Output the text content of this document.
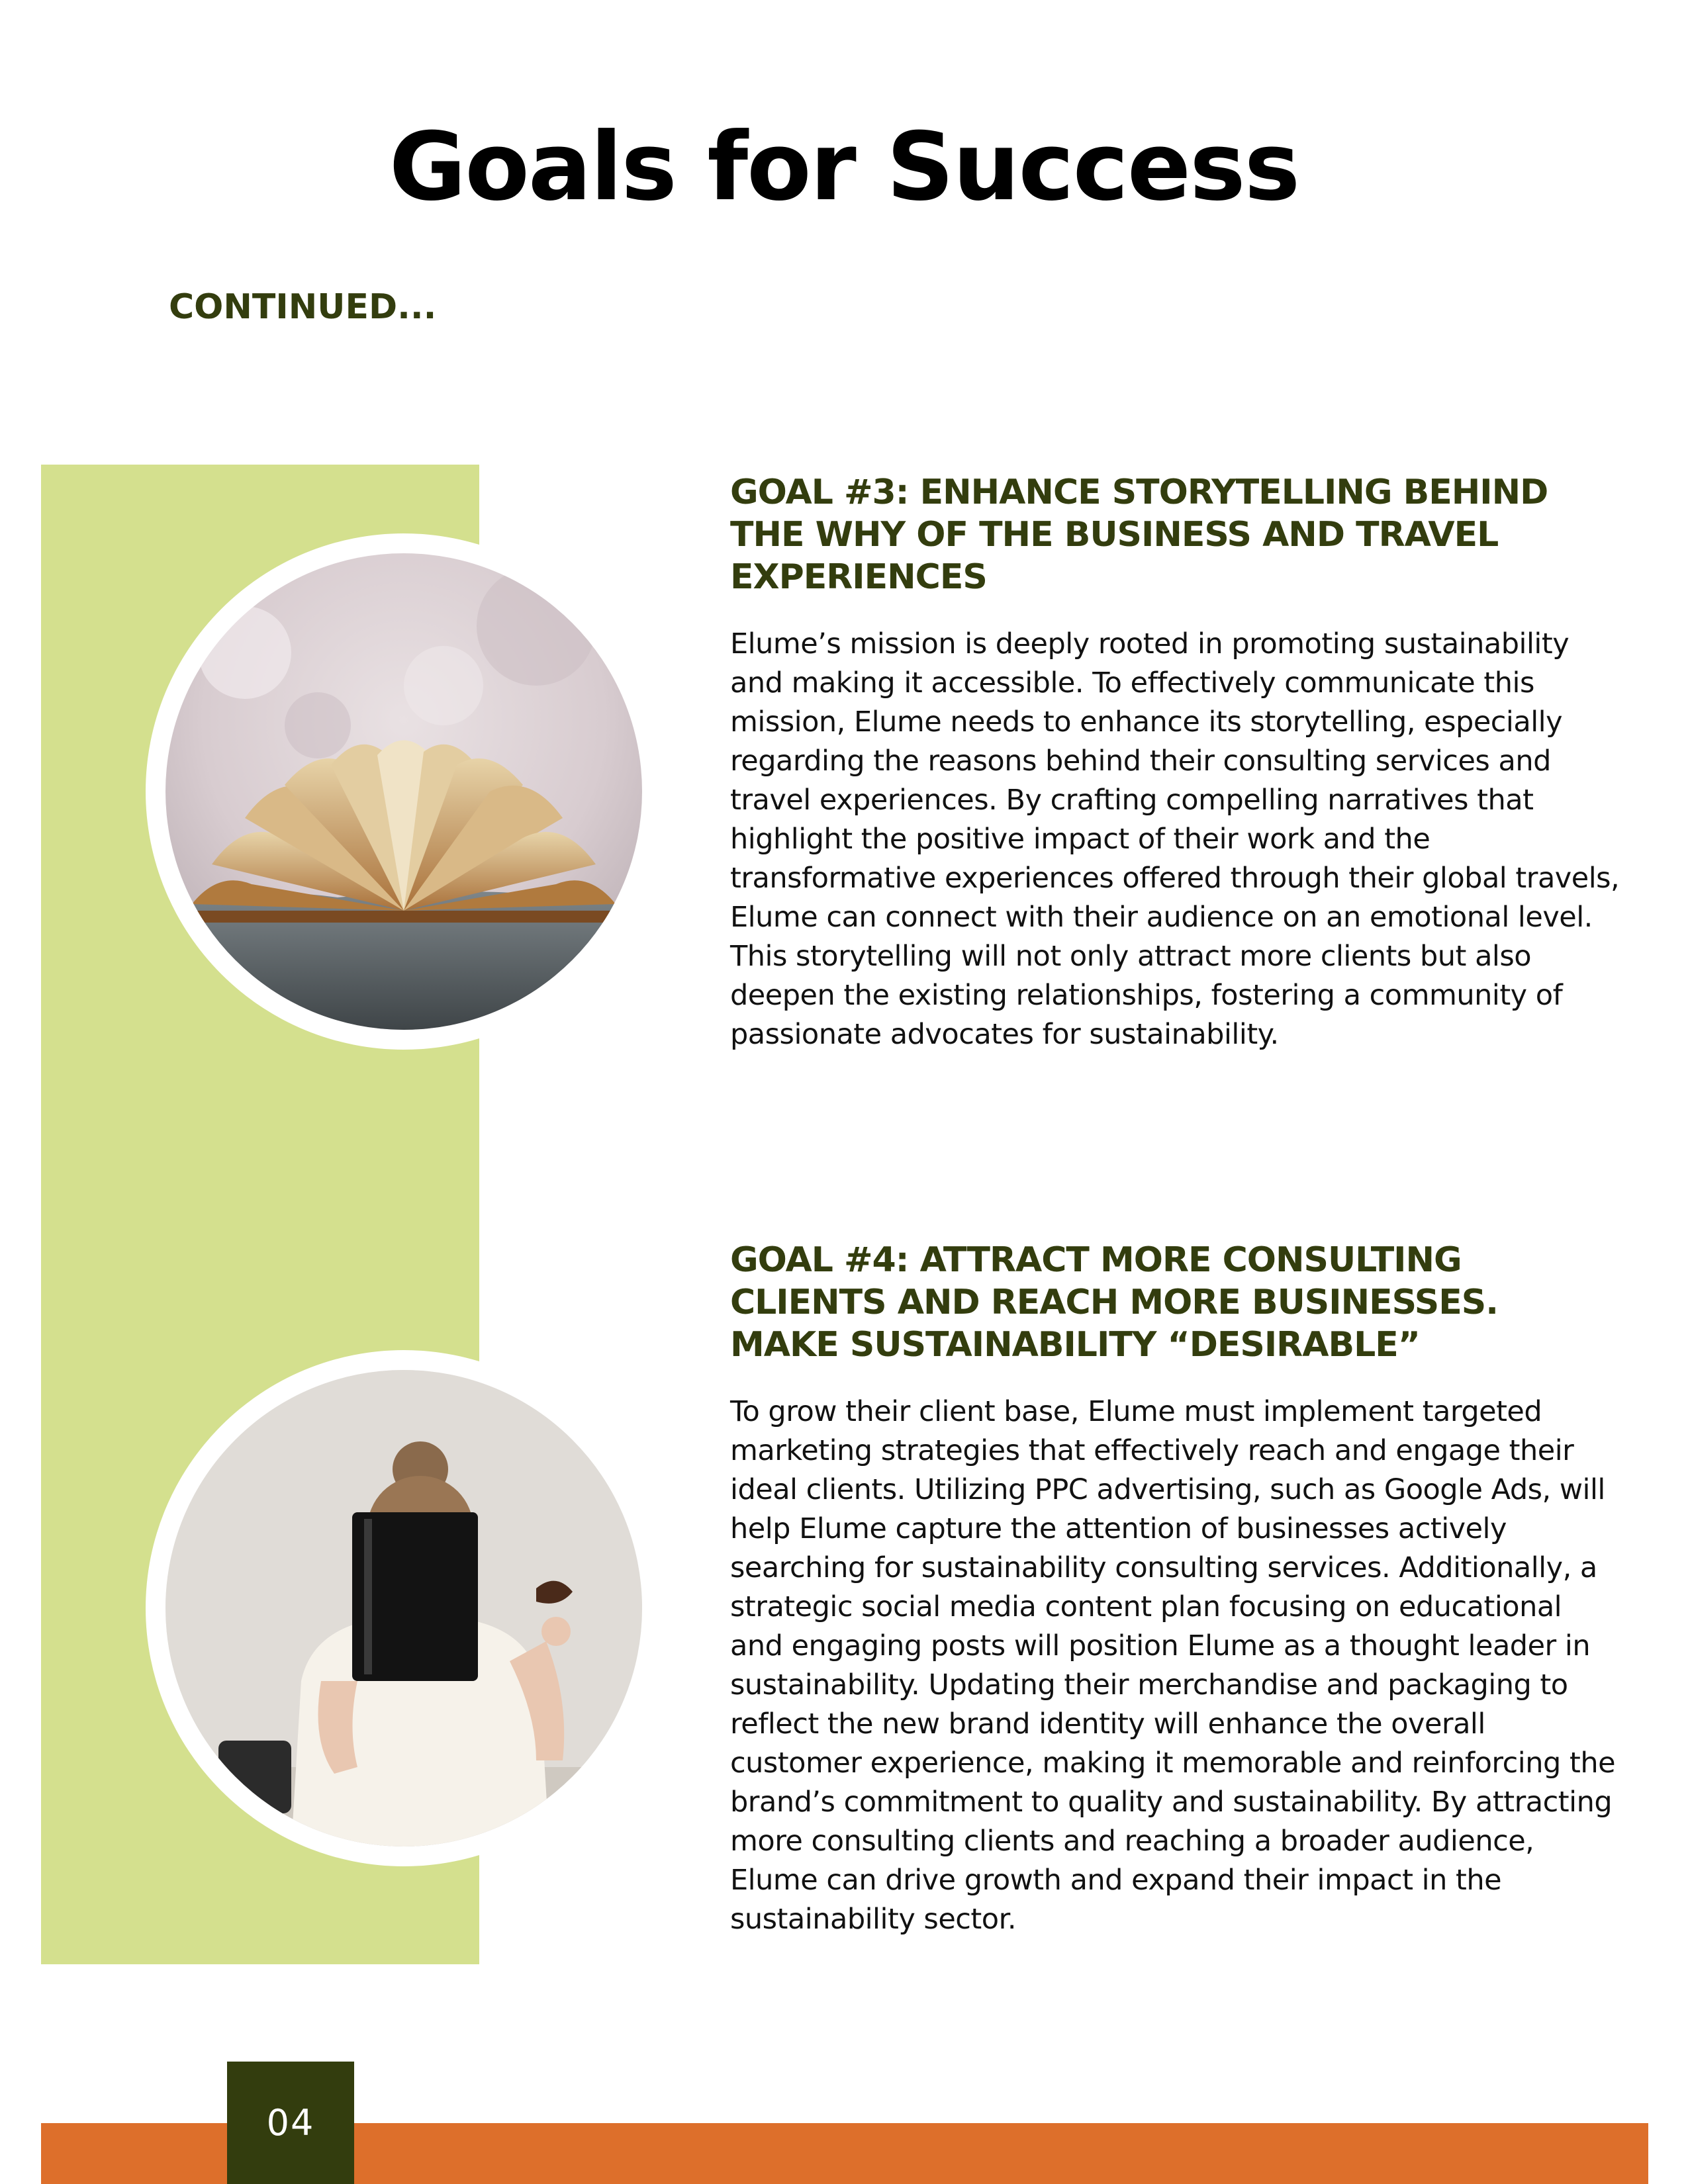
Goals for Success
CONTINUED...
GOAL #3: ENHANCE STORYTELLING BEHIND THE WHY OF THE BUSINESS AND TRAVEL EXPERIENCES

Elume’s mission is deeply rooted in promoting sustainability and making it accessible. To effectively communicate this mission, Elume needs to enhance its storytelling, especially regarding the reasons behind their consulting services and travel experiences. By crafting compelling narratives that highlight the positive impact of their work and the transformative experiences offered through their global travels, Elume can connect with their audience on an emotional level. This storytelling will not only attract more clients but also deepen the existing relationships, fostering a community of passionate advocates for sustainability.

GOAL #4: ATTRACT MORE CONSULTING CLIENTS AND REACH MORE BUSINESSES. MAKE SUSTAINABILITY “DESIRABLE”

To grow their client base, Elume must implement targeted marketing strategies that effectively reach and engage their ideal clients. Utilizing PPC advertising, such as Google Ads, will help Elume capture the attention of businesses actively searching for sustainability consulting services. Additionally, a strategic social media content plan focusing on educational and engaging posts will position Elume as a thought leader in sustainability. Updating their merchandise and packaging to reflect the new brand identity will enhance the overall customer experience, making it memorable and reinforcing the brand’s commitment to quality and sustainability. By attracting more consulting clients and reaching a broader audience, Elume can drive growth and expand their impact in the sustainability sector.

04
